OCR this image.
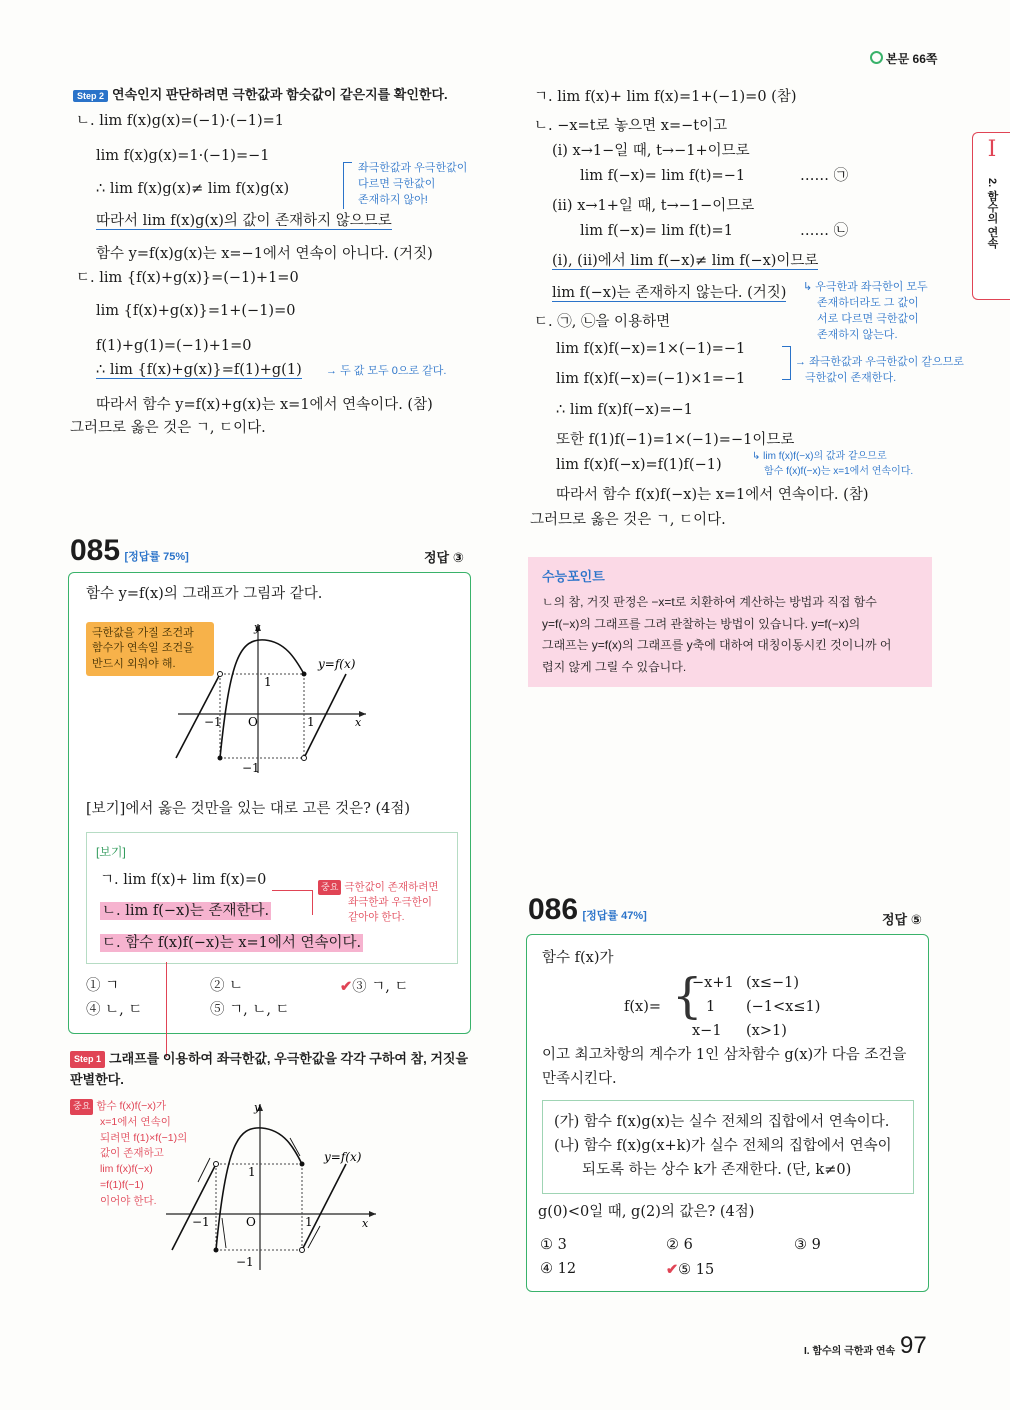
본문 66쪽
I
2. 함수의 연속
Step 2 연속인지 판단하려면 극한값과 함숫값이 같은지를 확인한다.
ㄴ. lim f(x)g(x)=(−1)·(−1)=1
lim f(x)g(x)=1·(−1)=−1
∴ lim f(x)g(x)≠ lim f(x)g(x)
따라서 lim f(x)g(x)의 값이 존재하지 않으므로
함수 y=f(x)g(x)는 x=−1에서 연속이 아니다. (거짓)
ㄷ. lim {f(x)+g(x)}=(−1)+1=0
lim {f(x)+g(x)}=1+(−1)=0
f(1)+g(1)=(−1)+1=0
∴ lim {f(x)+g(x)}=f(1)+g(1)
따라서 함수 y=f(x)+g(x)는 x=1에서 연속이다. (참)
그러므로 옳은 것은 ㄱ, ㄷ이다.
좌극한값과 우극한값이
다르면 극한값이
존재하지 않아!
→ 두 값 모두 0으로 같다.
ㄱ. lim f(x)+ lim f(x)=1+(−1)=0 (참)
ㄴ. −x=t로 놓으면 x=−t이고
(ⅰ) x→1−일 때, t→−1+이므로
lim f(−x)= lim f(t)=−1	…… ㉠
(ⅱ) x→1+일 때, t→−1−이므로
lim f(−x)= lim f(t)=1	…… ㉡
(ⅰ), (ⅱ)에서 lim f(−x)≠ lim f(−x)이므로
lim f(−x)는 존재하지 않는다. (거짓) ↳ 우극한과 좌극한이 모두
존재하더라도 그 값이
서로 다르면 극한값이
존재하지 않는다.
ㄷ. ㉠, ㉡을 이용하면
lim f(x)f(−x)=1×(−1)=−1
lim f(x)f(−x)=(−1)×1=−1
→ 좌극한값과 우극한값이 같으므로
극한값이 존재한다.
∴ lim f(x)f(−x)=−1
또한 f(1)f(−1)=1×(−1)=−1이므로
lim f(x)f(−x)=f(1)f(−1)
↳ lim f(x)f(−x)의 값과 같으므로
함수 f(x)f(−x)는 x=1에서 연속이다.
따라서 함수 f(x)f(−x)는 x=1에서 연속이다. (참)
그러므로 옳은 것은 ㄱ, ㄷ이다.
085 [정답률 75%]	정답 ③
함수 y=f(x)의 그래프가 그림과 같다.
극한값을 가질 조건과
함수가 연속일 조건을
반드시 외워야 해.
y
x
O
−1	1
1
−1
y=f(x)
[보기]에서 옳은 것만을 있는 대로 고른 것은? (4점)
[보기]
ㄱ. lim f(x)+ lim f(x)=0
ㄴ. lim f(−x)는 존재한다.
ㄷ. 함수 f(x)f(−x)는 x=1에서 연속이다.
중요 극한값이 존재하려면
좌극한과 우극한이
같아야 한다.
① ㄱ	② ㄴ	✔③ ㄱ, ㄷ
④ ㄴ, ㄷ	⑤ ㄱ, ㄴ, ㄷ
Step 1 그래프를 이용하여 좌극한값, 우극한값을 각각 구하여 참, 거짓을 판별한다.
중요 함수 f(x)f(−x)가
x=1에서 연속이
되려면 f(1)×f(−1)의
값이 존재하고
lim f(x)f(−x)
=f(1)f(−1)
이어야 한다.
y
x
O
−1	1
1
−1
y=f(x)
수능포인트
ㄴ의 참, 거짓 판정은 −x=t로 치환하여 계산하는 방법과 직접 함수
y=f(−x)의 그래프를 그려 관찰하는 방법이 있습니다. y=f(−x)의
그래프는 y=f(x)의 그래프를 y축에 대하여 대칭이동시킨 것이니까 어
렵지 않게 그릴 수 있습니다.
086 [정답률 47%]	정답 ⑤
함수 f(x)가
f(x)= {
−x+1 (x≤−1)
1 (−1<x≤1)
x−1 (x>1)
이고 최고차항의 계수가 1인 삼차함수 g(x)가 다음 조건을
만족시킨다.
(가) 함수 f(x)g(x)는 실수 전체의 집합에서 연속이다.
(나) 함수 f(x)g(x+k)가 실수 전체의 집합에서 연속이
되도록 하는 상수 k가 존재한다. (단, k≠0)
g(0)<0일 때, g(2)의 값은? (4점)
① 3	② 6	③ 9
④ 12	✔⑤ 15
I. 함수의 극한과 연속 97
